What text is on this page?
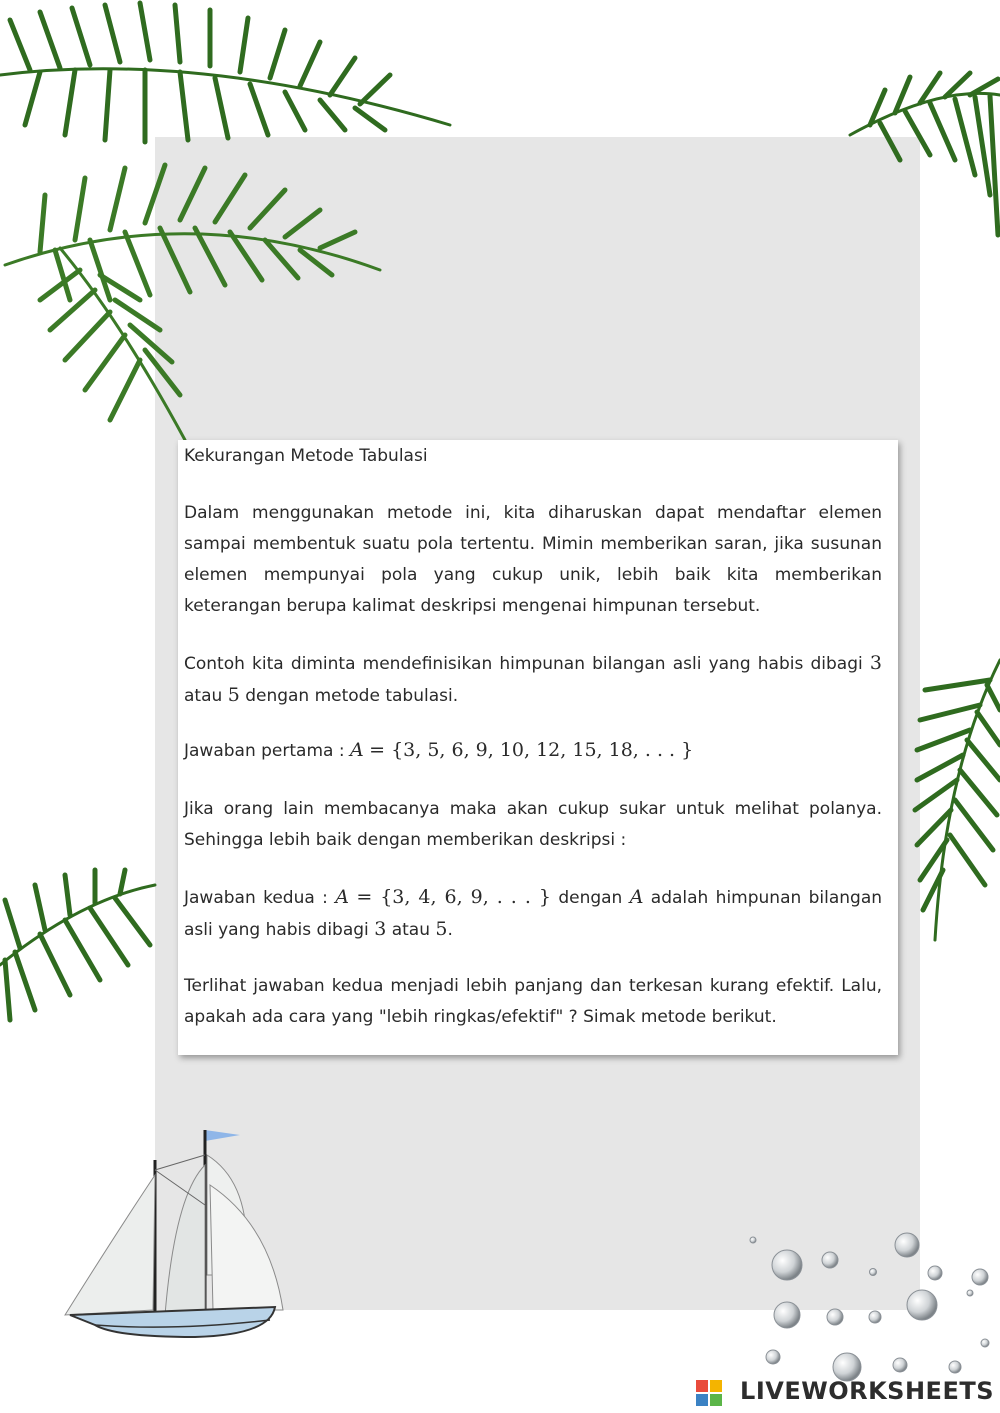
Kekurangan Metode Tabulasi

Dalam menggunakan metode ini, kita diharuskan dapat mendaftar elemen sampai membentuk suatu pola tertentu. Mimin memberikan saran, jika susunan elemen mempunyai pola yang cukup unik, lebih baik kita memberikan keterangan berupa kalimat deskripsi mengenai himpunan tersebut.

Contoh kita diminta mendefinisikan himpunan bilangan asli yang habis dibagi 3 atau 5 dengan metode tabulasi.

Jawaban pertama : A = {3, 5, 6, 9, 10, 12, 15, 18, . . . }

Jika orang lain membacanya maka akan cukup sukar untuk melihat polanya. Sehingga lebih baik dengan memberikan deskripsi :

Jawaban kedua : A = {3, 4, 6, 9, . . . } dengan A adalah himpunan bilangan asli yang habis dibagi 3 atau 5.

Terlihat jawaban kedua menjadi lebih panjang dan terkesan kurang efektif. Lalu, apakah ada cara yang "lebih ringkas/efektif" ? Simak metode berikut.

LIVEWORKSHEETS
